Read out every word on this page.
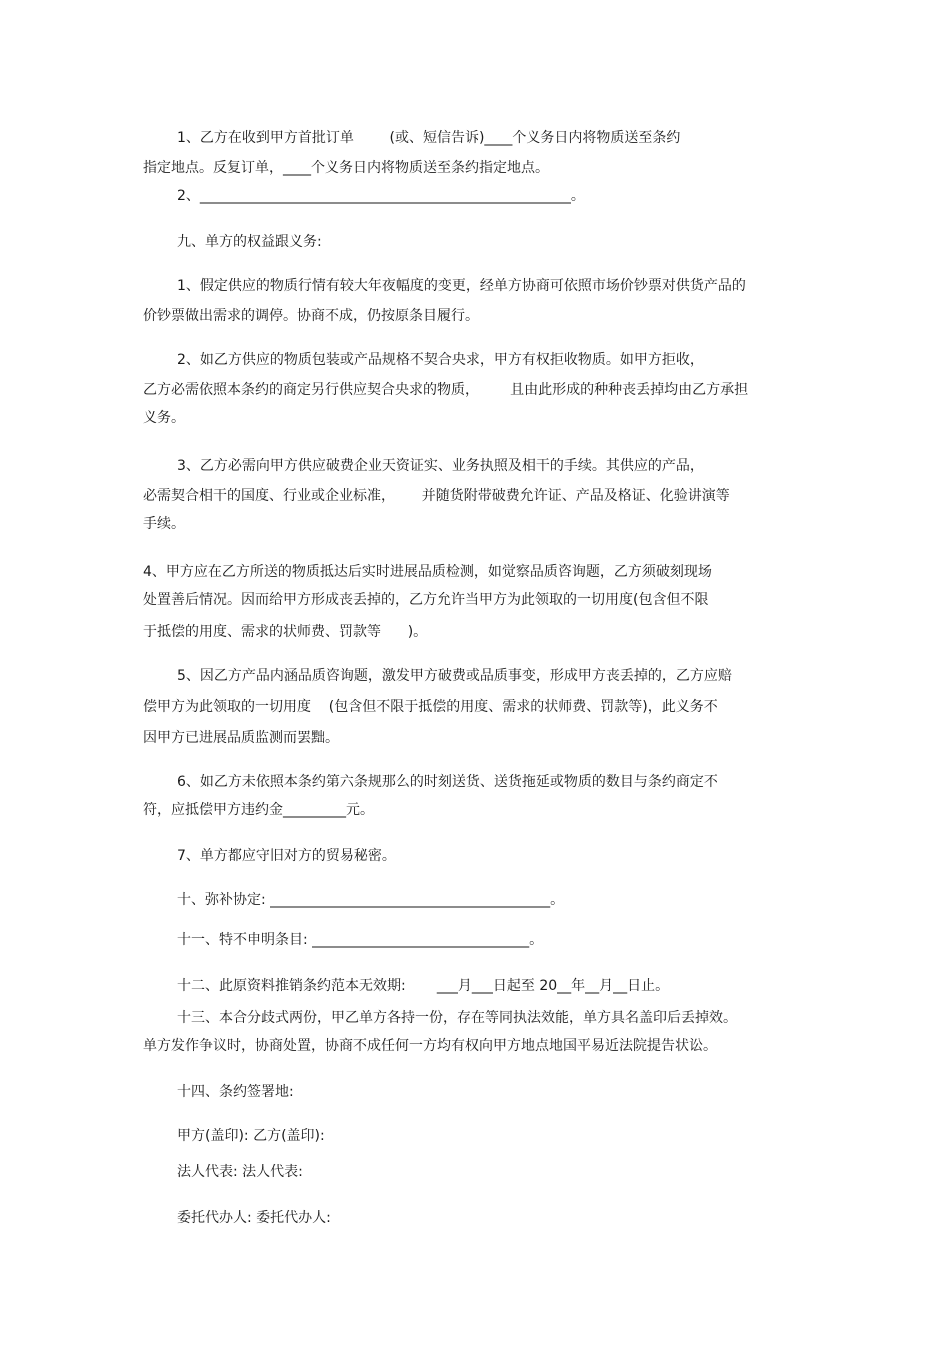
1、乙方在收到甲方首批订单        (或、短信告诉)____个义务日内将物质送至条约
指定地点。反复订单，____个义务日内将物质送至条约指定地点。
2、_____________________________________________________。
九、单方的权益跟义务:
1、假定供应的物质行情有较大年夜幅度的变更，经单方协商可依照市场价钞票对供货产品的
价钞票做出需求的调停。协商不成，仍按原条目履行。
2、如乙方供应的物质包装或产品规格不契合央求，甲方有权拒收物质。如甲方拒收，
乙方必需依照本条约的商定另行供应契合央求的物质，       且由此形成的种种丧丢掉均由乙方承担
义务。
3、乙方必需向甲方供应破费企业天资证实、业务执照及相干的手续。其供应的产品，
必需契合相干的国度、行业或企业标准，      并随货附带破费允许证、产品及格证、化验讲演等
手续。
4、甲方应在乙方所送的物质抵达后实时进展品质检测，如觉察品质咨询题，乙方须破刻现场
处置善后情况。因而给甲方形成丧丢掉的，乙方允许当甲方为此领取的一切用度(包含但不限
于抵偿的用度、需求的状师费、罚款等      )。
5、因乙方产品内涵品质咨询题，激发甲方破费或品质事变，形成甲方丧丢掉的，乙方应赔
偿甲方为此领取的一切用度    (包含但不限于抵偿的用度、需求的状师费、罚款等)，此义务不
因甲方已进展品质监测而罢黜。
6、如乙方未依照本条约第六条规那么的时刻送货、送货拖延或物质的数目与条约商定不
符，应抵偿甲方违约金_________元。
7、单方都应守旧对方的贸易秘密。
十、弥补协定: ________________________________________。
十一、特不申明条目: _______________________________。
十二、此原资料推销条约范本无效期:       ___月___日起至 20__年__月__日止。
十三、本合分歧式两份，甲乙单方各持一份，存在等同执法效能，单方具名盖印后丢掉效。
单方发作争议时，协商处置，协商不成任何一方均有权向甲方地点地国平易近法院提告状讼。
十四、条约签署地:
甲方(盖印): 乙方(盖印):
法人代表: 法人代表:
委托代办人: 委托代办人:
